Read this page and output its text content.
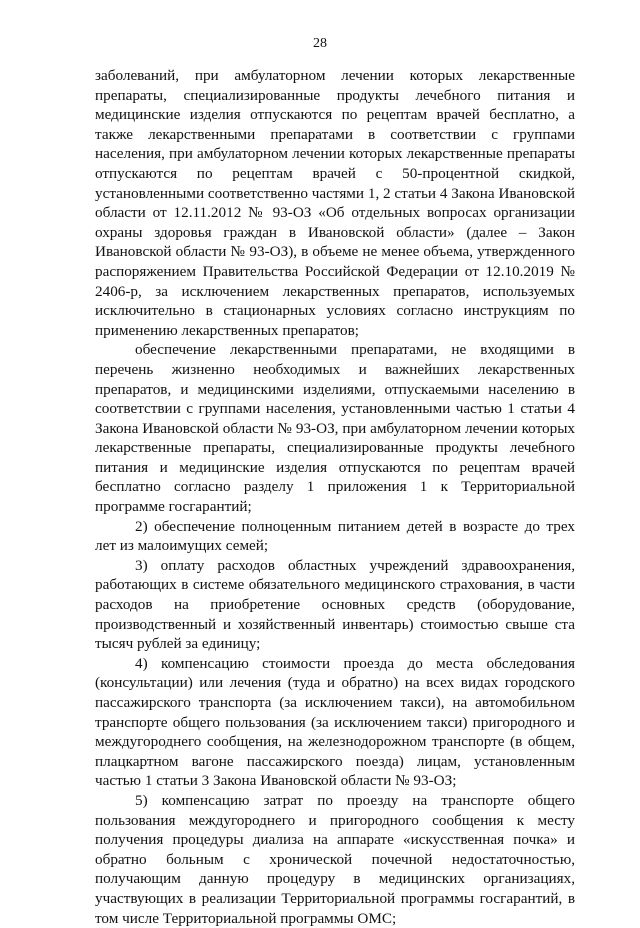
28

заболеваний, при амбулаторном лечении которых лекарственные препараты, специализированные продукты лечебного питания и медицинские изделия отпускаются по рецептам врачей бесплатно, а также лекарственными препаратами в соответствии с группами населения, при амбулаторном лечении которых лекарственные препараты отпускаются по рецептам врачей с 50-процентной скидкой, установленными соответственно частями 1, 2 статьи 4 Закона Ивановской области от 12.11.2012 № 93-ОЗ «Об отдельных вопросах организации охраны здоровья граждан в Ивановской области» (далее – Закон Ивановской области № 93-ОЗ), в объеме не менее объема, утвержденного распоряжением Правительства Российской Федерации от 12.10.2019 № 2406-р, за исключением лекарственных препаратов, используемых исключительно в стационарных условиях согласно инструкциям по применению лекарственных препаратов;

обеспечение лекарственными препаратами, не входящими в перечень жизненно необходимых и важнейших лекарственных препаратов, и медицинскими изделиями, отпускаемыми населению в соответствии с группами населения, установленными частью 1 статьи 4 Закона Ивановской области № 93-ОЗ, при амбулаторном лечении которых лекарственные препараты, специализированные продукты лечебного питания и медицинские изделия отпускаются по рецептам врачей бесплатно согласно разделу 1 приложения 1 к Территориальной программе госгарантий;

2) обеспечение полноценным питанием детей в возрасте до трех лет из малоимущих семей;

3) оплату расходов областных учреждений здравоохранения, работающих в системе обязательного медицинского страхования, в части расходов на приобретение основных средств (оборудование, производственный и хозяйственный инвентарь) стоимостью свыше ста тысяч рублей за единицу;

4) компенсацию стоимости проезда до места обследования (консультации) или лечения (туда и обратно) на всех видах городского пассажирского транспорта (за исключением такси), на автомобильном транспорте общего пользования (за исключением такси) пригородного и междугороднего сообщения, на железнодорожном транспорте (в общем, плацкартном вагоне пассажирского поезда) лицам, установленным частью 1 статьи 3 Закона Ивановской области № 93-ОЗ;

5) компенсацию затрат по проезду на транспорте общего пользования междугороднего и пригородного сообщения к месту получения процедуры диализа на аппарате «искусственная почка» и обратно больным с хронической почечной недостаточностью, получающим данную процедуру в медицинских организациях, участвующих в реализации Территориальной программы госгарантий, в том числе Территориальной программы ОМС;
